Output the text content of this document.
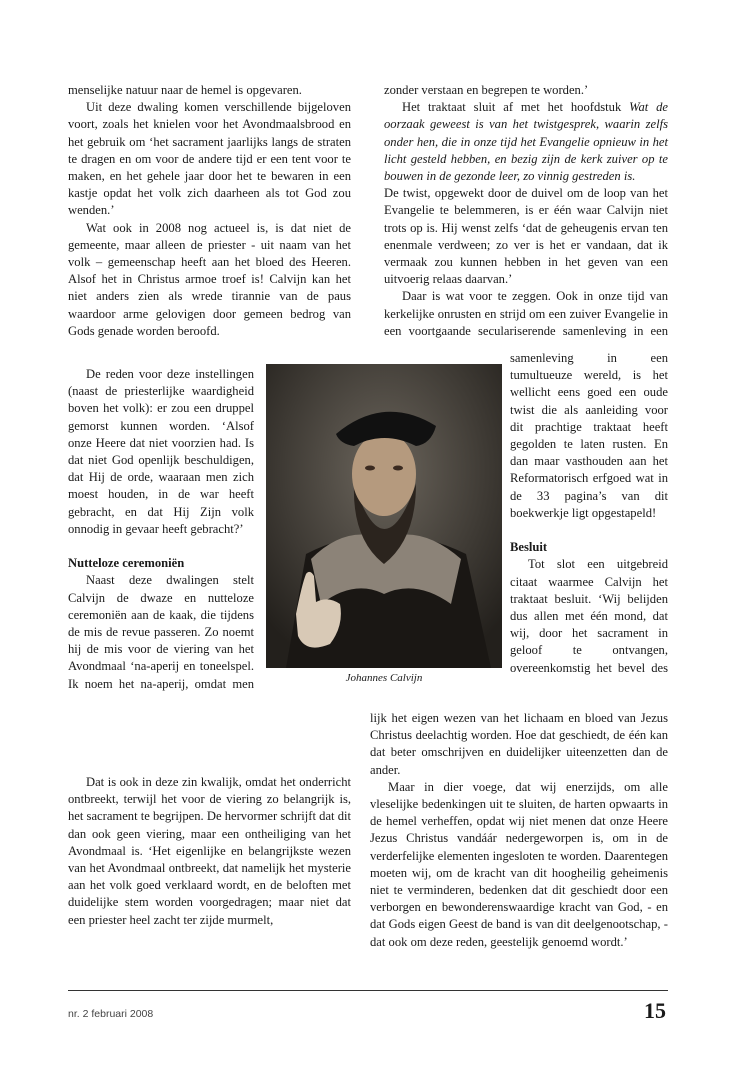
menselijke natuur naar de hemel is opgevaren.

Uit deze dwaling komen verschillende bijgeloven voort, zoals het knielen voor het Avondmaalsbrood en het gebruik om ‘het sacrament jaarlijks langs de straten te dragen en om voor de andere tijd er een tent voor te maken, en het gehele jaar door het te bewaren in een kastje opdat het volk zich daarheen als tot God zou wenden.’

Wat ook in 2008 nog actueel is, is dat niet de gemeente, maar alleen de priester - uit naam van het volk – gemeenschap heeft aan het bloed des Heeren. Alsof het in Christus armoe troef is! Calvijn kan het niet anders zien als wrede tirannie van de paus waardoor arme gelovigen door gemeen bedrog van Gods genade worden beroofd.

De reden voor deze instellingen (naast de priesterlijke waardigheid boven het volk): er zou een druppel gemorst kunnen worden. ‘Alsof onze Heere dat niet voorzien had. Is dat niet God openlijk beschuldigen, dat Hij de orde, waaraan men zich moest houden, in de war heeft gebracht, en dat Hij Zijn volk onnodig in gevaar heeft gebracht?’

Nutteloze ceremoniën

Naast deze dwalingen stelt Calvijn de dwaze en nutteloze ceremoniën aan de kaak, die tijdens de mis de revue passeren. Zo noemt hij de mis voor de viering van het Avondmaal ‘na-aperij en toneelspel. Ik noem het na-aperij, omdat men

Dat is ook in deze zin kwalijk, omdat het onderricht ontbreekt, terwijl het voor de viering zo belangrijk is, het sacrament te begrijpen. De hervormer schrijft dat dit dan ook geen viering, maar een ontheiliging van het Avondmaal is. ‘Het eigenlijke en belangrijkste wezen van het Avondmaal ontbreekt, dat namelijk het mysterie aan het volk goed verklaard wordt, en de beloften met duidelijke stem worden voorgedragen; maar niet dat een priester heel zacht ter zijde murmelt,

zonder verstaan en begrepen te worden.’

Het traktaat sluit af met het hoofdstuk Wat de oorzaak geweest is van het twistgesprek, waarin zelfs onder hen, die in onze tijd het Evangelie opnieuw in het licht gesteld hebben, en bezig zijn de kerk zuiver op te bouwen in de gezonde leer, zo vinnig gestreden is.

De twist, opgewekt door de duivel om de loop van het Evangelie te belemmeren, is er één waar Calvijn niet trots op is. Hij wenst zelfs ‘dat de geheugenis ervan ten enenmale verdween; zo ver is het er vandaan, dat ik vermaak zou kunnen hebben in het geven van een uitvoerig relaas daarvan.’

Daar is wat voor te zeggen. Ook in onze tijd van kerkelijke onrusten en strijd om een zuiver Evangelie in een voortgaande seculariserende samenleving in een

samenleving in een tumultueuze wereld, is het wellicht eens goed een oude twist die als aanleiding voor dit prachtige traktaat heeft gegolden te laten rusten. En dan maar vasthouden aan het Reformatorisch erfgoed wat in de 33 pagina’s van dit boekwerkje ligt opgestapeld!

Besluit

Tot slot een uitgebreid citaat waarmee Calvijn het traktaat besluit. ‘Wij belijden dus allen met één mond, dat wij, door het sacrament in geloof te ontvangen, overeenkomstig het bevel des

lijk het eigen wezen van het lichaam en bloed van Jezus Christus deelachtig worden. Hoe dat geschiedt, de één kan dat beter omschrijven en duidelijker uiteenzetten dan de ander.

Maar in dier voege, dat wij enerzijds, om alle vleselijke bedenkingen uit te sluiten, de harten opwaarts in de hemel verheffen, opdat wij niet menen dat onze Heere Jezus Christus vandáár nedergeworpen is, om in de verderfelijke elementen ingesloten te worden. Daarentegen moeten wij, om de kracht van dit hoogheilig geheimenis niet te verminderen, bedenken dat dit geschiedt door een verborgen en bewonderenswaardige kracht van God, - en dat Gods eigen Geest de band is van dit deelgenootschap, - dat ook om deze reden, geestelijk genoemd wordt.’

Johannes Calvijn
nr. 2 februari 2008	15
